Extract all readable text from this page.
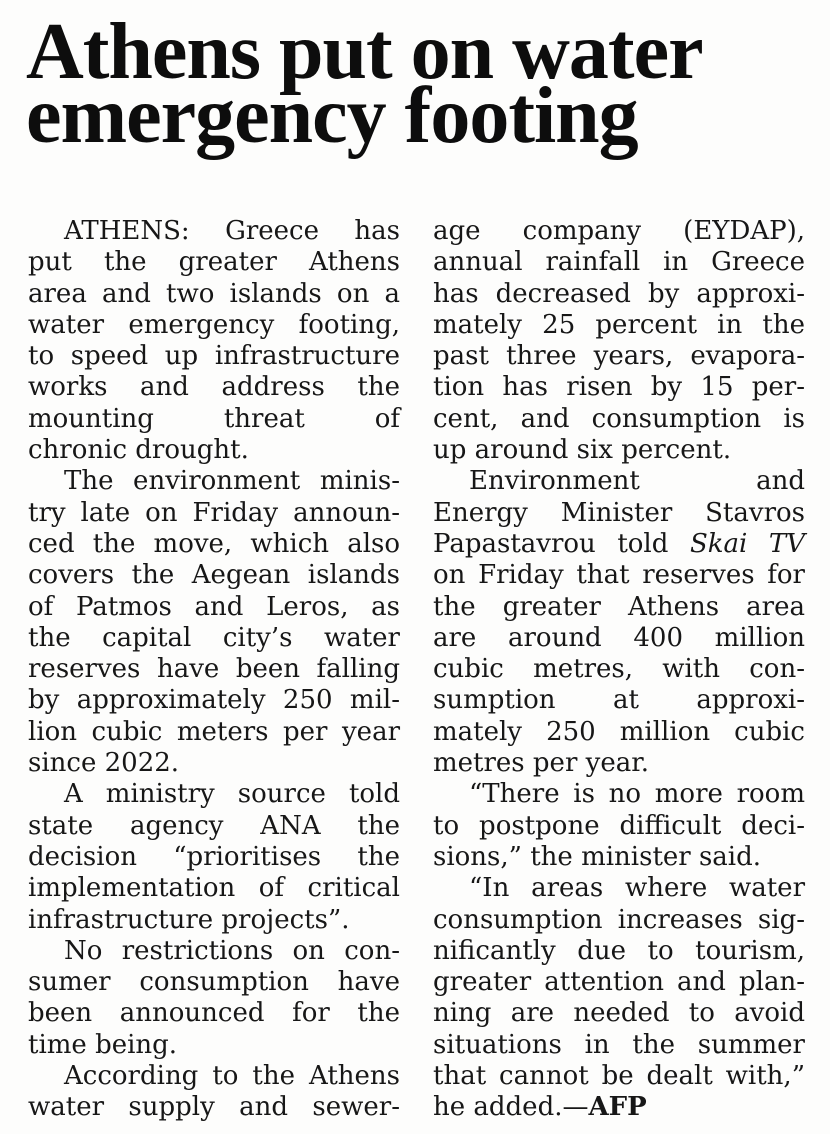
Athens put on water
emergency footing
ATHENS: Greece has
put the greater Athens
area and two islands on a
water emergency footing,
to speed up infrastructure
works and address the
mounting threat of
chronic drought.
The environment minis-
try late on Friday announ-
ced the move, which also
covers the Aegean islands
of Patmos and Leros, as
the capital city’s water
reserves have been falling
by approximately 250 mil-
lion cubic meters per year
since 2022.
A ministry source told
state agency ANA the
decision “prioritises the
implementation of critical
infrastructure projects”.
No restrictions on con-
sumer consumption have
been announced for the
time being.
According to the Athens
water supply and sewer-
age company (EYDAP),
annual rainfall in Greece
has decreased by approxi-
mately 25 percent in the
past three years, evapora-
tion has risen by 15 per-
cent, and consumption is
up around six percent.
Environment and
Energy Minister Stavros
Papastavrou told Skai TV
on Friday that reserves for
the greater Athens area
are around 400 million
cubic metres, with con-
sumption at approxi-
mately 250 million cubic
metres per year.
“There is no more room
to postpone difficult deci-
sions,” the minister said.
“In areas where water
consumption increases sig-
nificantly due to tourism,
greater attention and plan-
ning are needed to avoid
situations in the summer
that cannot be dealt with,”
he added.—AFP
